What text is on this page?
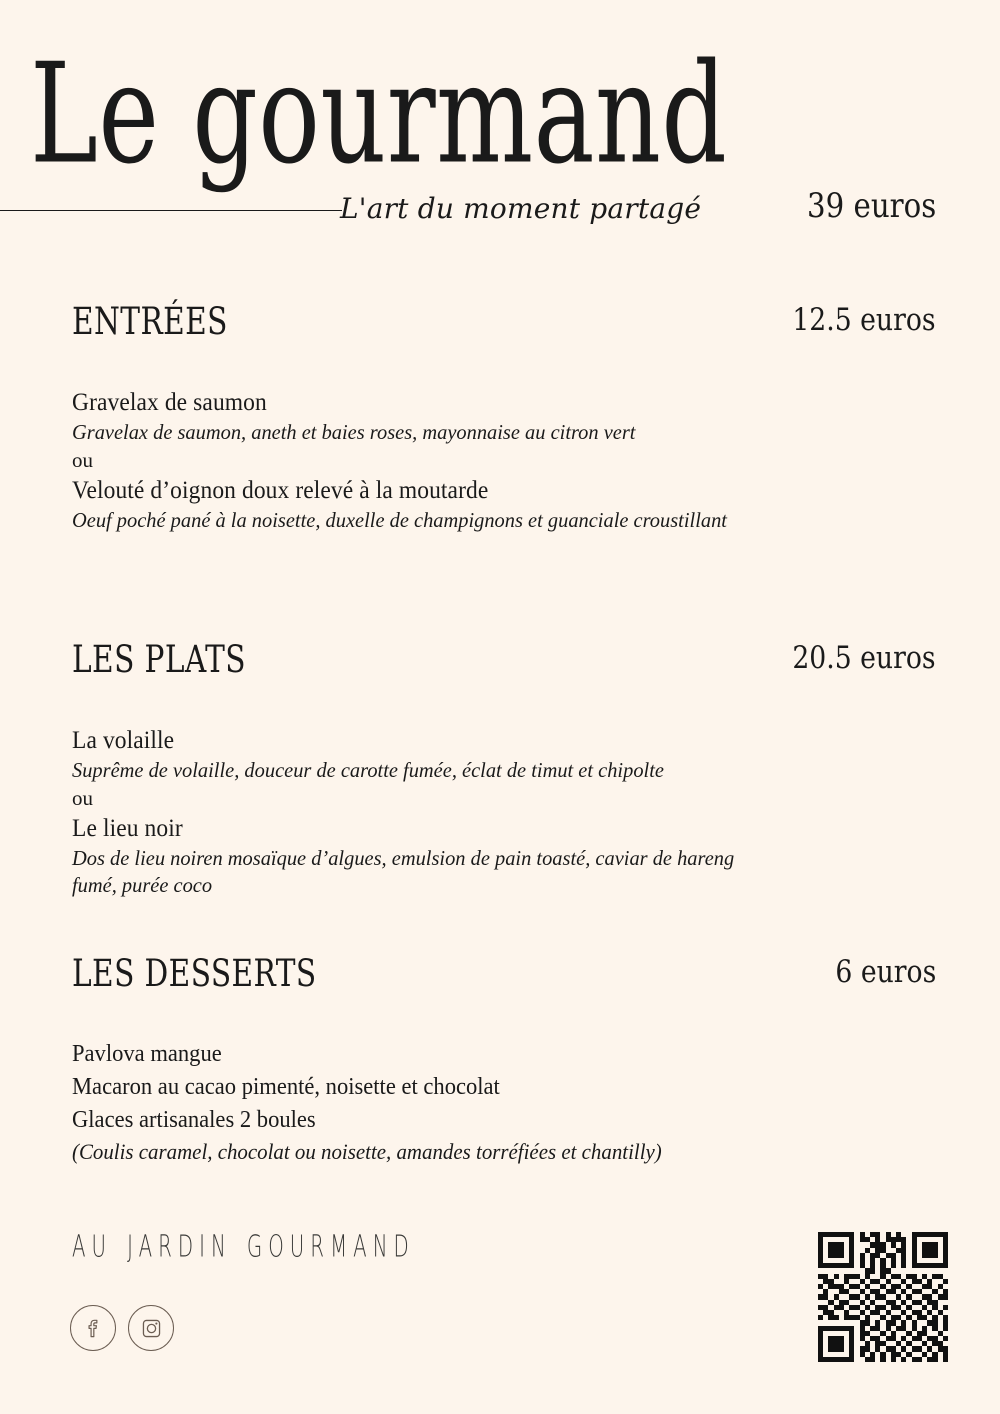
Le gourmand
L'art du moment partagé	39 euros
ENTRÉES	12.5 euros
Gravelax de saumon
Gravelax de saumon, aneth et baies roses, mayonnaise au citron vert
ou
Velouté d’oignon doux relevé à la moutarde
Oeuf poché pané à la noisette, duxelle de champignons et guanciale croustillant
LES PLATS	20.5 euros
La volaille
Suprême de volaille, douceur de carotte fumée, éclat de timut et chipolte
ou
Le lieu noir
Dos de lieu noiren mosaïque d’algues, emulsion de pain toasté, caviar de hareng fumé, purée coco
LES DESSERTS	6 euros
Pavlova mangue
Macaron au cacao pimenté, noisette et chocolat
Glaces artisanales 2 boules
(Coulis caramel, chocolat ou noisette, amandes torréfiées et chantilly)
au jardin gourmand
